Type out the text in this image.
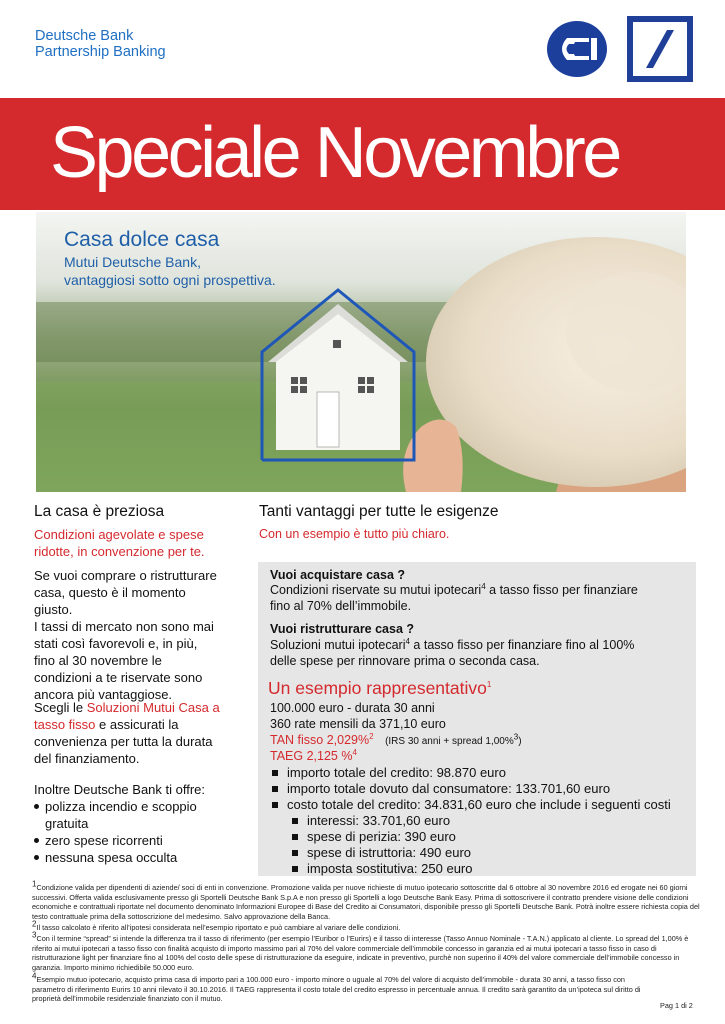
Deutsche Bank
Partnership Banking
Speciale Novembre
Casa dolce casa
Mutui Deutsche Bank,
vantaggiosi sotto ogni prospettiva.
La casa è preziosa
Condizioni agevolate e spese
ridotte, in convenzione per te.
Se vuoi comprare o ristrutturare
casa, questo è il momento
giusto.
I tassi di mercato non sono mai
stati così favorevoli e, in più,
fino al 30 novembre le
condizioni a te riservate sono
ancora più vantaggiose.
Scegli le Soluzioni Mutui Casa a
tasso fisso e assicurati la
convenienza per tutta la durata
del finanziamento.
Inoltre Deutsche Bank ti offre:
polizza incendio e scoppio
gratuita
zero spese ricorrenti
nessuna spesa occulta
Tanti vantaggi per tutte le esigenze
Con un esempio è tutto più chiaro.
Vuoi acquistare casa ?
Condizioni riservate su mutui ipotecari$^4$ a tasso fisso per finanziare
fino al 70% dell’immobile.
Vuoi ristrutturare casa ?
Soluzioni mutui ipotecari$^4$ a tasso fisso per finanziare fino al 100%
delle spese per rinnovare prima o seconda casa.
Un esempio rappresentativo$^1$
100.000 euro - durata 30 anni
360 rate mensili da 371,10 euro
TAN fisso 2,029%$^2$ (IRS 30 anni + spread 1,00%$^3$)
TAEG 2,125 %$^4$
importo totale del credito: 98.870 euro
importo totale dovuto dal consumatore: 133.701,60 euro
costo totale del credito: 34.831,60 euro che include i seguenti costi
interessi: 33.701,60 euro
spese di perizia: 390 euro
spese di istruttoria: 490 euro
imposta sostitutiva: 250 euro
$^1$Condizione valida per dipendenti di aziende/ soci di enti in convenzione. Promozione valida per nuove richieste di mutuo ipotecario sottoscritte dal 6 ottobre al 30 novembre 2016 ed erogate nei 60 giorni successivi. Offerta valida esclusivamente presso gli Sportelli Deutsche Bank S.p.A e non presso gli Sportelli a logo Deutsche Bank Easy. Prima di sottoscrivere il contratto prendere visione delle condizioni economiche e contrattuali riportate nel documento denominato Informazioni Europee di Base del Credito ai Consumatori, disponibile presso gli Sportelli Deutsche Bank. Potrà inoltre essere richiesta copia del testo contrattuale prima della sottoscrizione del medesimo. Salvo approvazione della Banca.
$^2$Il tasso calcolato è riferito all’ipotesi considerata nell’esempio riportato e può cambiare al variare delle condizioni.
$^3$Con il termine “spread” si intende la differenza tra il tasso di riferimento (per esempio l’Euribor o l’Eurirs) e il tasso di interesse (Tasso Annuo Nominale - T.A.N.) applicato al cliente. Lo spread del 1,00% è riferito ai mutui ipotecari a tasso fisso con finalità acquisto di importo massimo pari al 70% del valore commerciale dell’immobile concesso in garanzia ed ai mutui ipotecari a tasso fisso in caso di ristrutturazione light per finanziare fino al 100% del costo delle spese di ristrutturazione da eseguire, indicate in preventivo, purchè non superino il 40% del valore commerciale dell’immobile concesso in garanzia. Importo minimo richiedibile 50.000 euro.
$^4$Esempio mutuo ipotecario, acquisto prima casa di importo pari a 100.000 euro - importo minore o uguale al 70% del valore di acquisto dell’immobile - durata 30 anni, a tasso fisso con parametro di riferimento Eurirs 10 anni rilevato il 30.10.2016. Il TAEG rappresenta il costo totale del credito espresso in percentuale annua. Il credito sarà garantito da un’ipoteca sul diritto di proprietà dell’immobile residenziale finanziato con il mutuo.
Pag 1 di 2
